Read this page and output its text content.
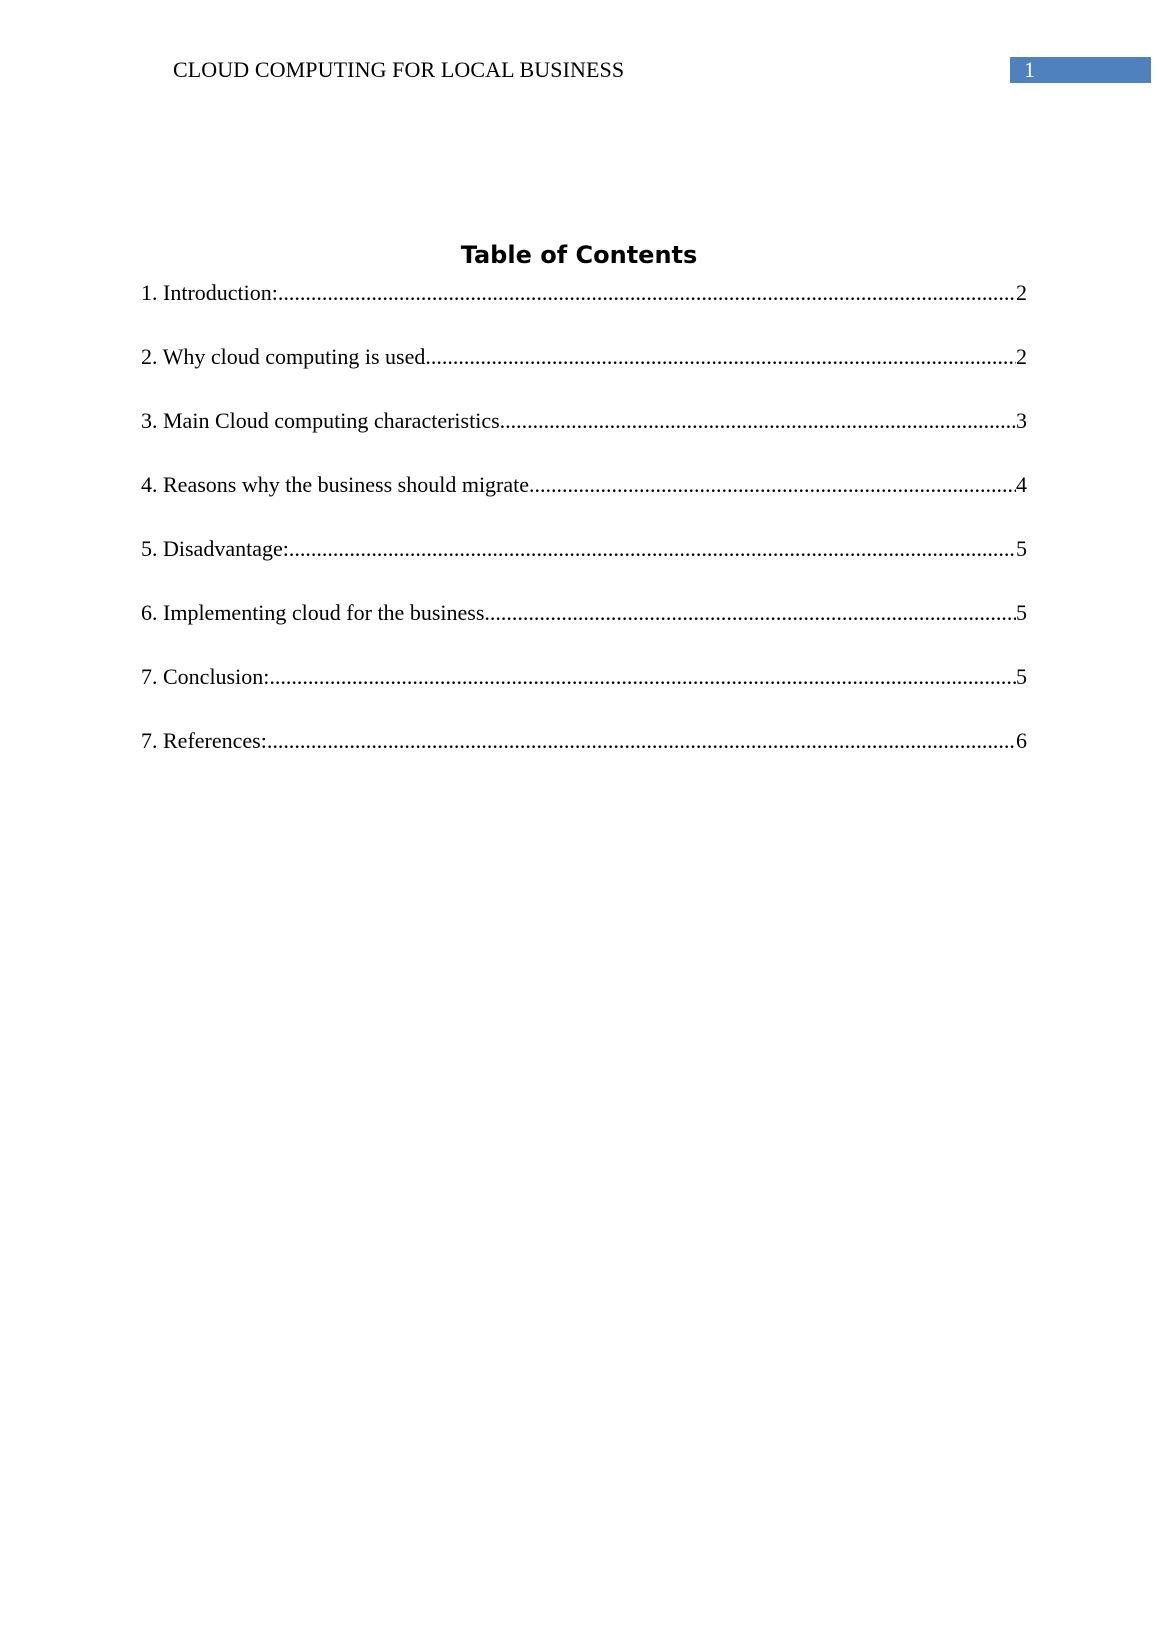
CLOUD COMPUTING FOR LOCAL BUSINESS	1
Table of Contents
1. Introduction: .....	2
2. Why cloud computing is used .....	2
3. Main Cloud computing characteristics .....	3
4. Reasons why the business should migrate .....	4
5. Disadvantage: .....	5
6. Implementing cloud for the business .....	5
7. Conclusion: .....	5
7. References: .....	6
